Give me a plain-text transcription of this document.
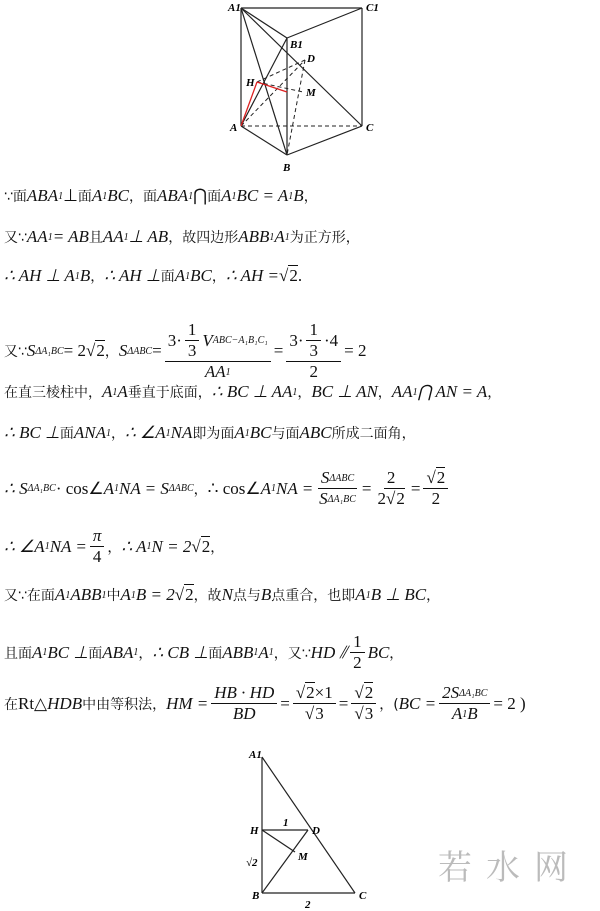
A1	C1
B1
D
H
M
A
B
C
∵面 ABA 1 ⊥ 面 A 1 BC ，面 ABA 1 ⋂ 面 A 1 BC = A 1 B ，
又∵ AA 1 = AB 且 AA 1 ⊥ AB ，故四边形 ABB 1 A 1 为正方形，
∴ AH ⊥ A 1 B ， ∴ AH ⊥ 面 A 1 BC ， ∴ AH = √ 2 .
又∵ S ΔA₁BC = 2 √ 2 ， S $\Delta ABC = \frac{3\cdot \frac{1}{3} V ABC-A_1B_1C_1}{AA 1} = \frac{3\cdot \frac{1}{3} \cdot 4}{2} = 2$
在直三棱柱中， A 1 A 垂直于底面， ∴ BC ⊥ AA 1 ， BC ⊥ AN ， AA 1 ⋂ AN = A ，
∴ BC ⊥ 面 ANA 1 ， ∴ ∠A 1 NA 即为面 A 1 BC 与面 ABC 所成二面角，
∴ S ΔA₁BC · cos∠ A 1 NA = S ΔABC ， ∴ cos∠ A 1 NA = $\frac{\text{S ΔABC}}{\text{S ΔA₁BC}} = \frac{2}{2 √ 2}$ = √ $\frac{2}{2}$
∴ ∠A 1 NA = $\frac{\pi}{4}$ ， ∴ A 1 N = 2 √ 2 ，
又∵在面 A 1 ABB 1 中 A 1 B = 2 √ 2 ，故 N 点与 B 点重合，也即 A 1 B ⊥ BC ，
且面 A 1 BC ⊥ 面 ABA 1 ， ∴ CB ⊥ 面 ABB 1 A 1 ，又∵ HD ⫽ $\frac{1}{2}$ BC ，
在 Rt△ HDB 中由等积法， HM = $\frac{HB \cdot HD}{BD}$ = √ 2 ×1
√ 3 = √ 2
√ 3 ，( BC = $\frac{\text{2S ΔA₁BC}}{A 1 B} = 2$ )
A1
H	D
M
B	C
1
√2
2
若水网
